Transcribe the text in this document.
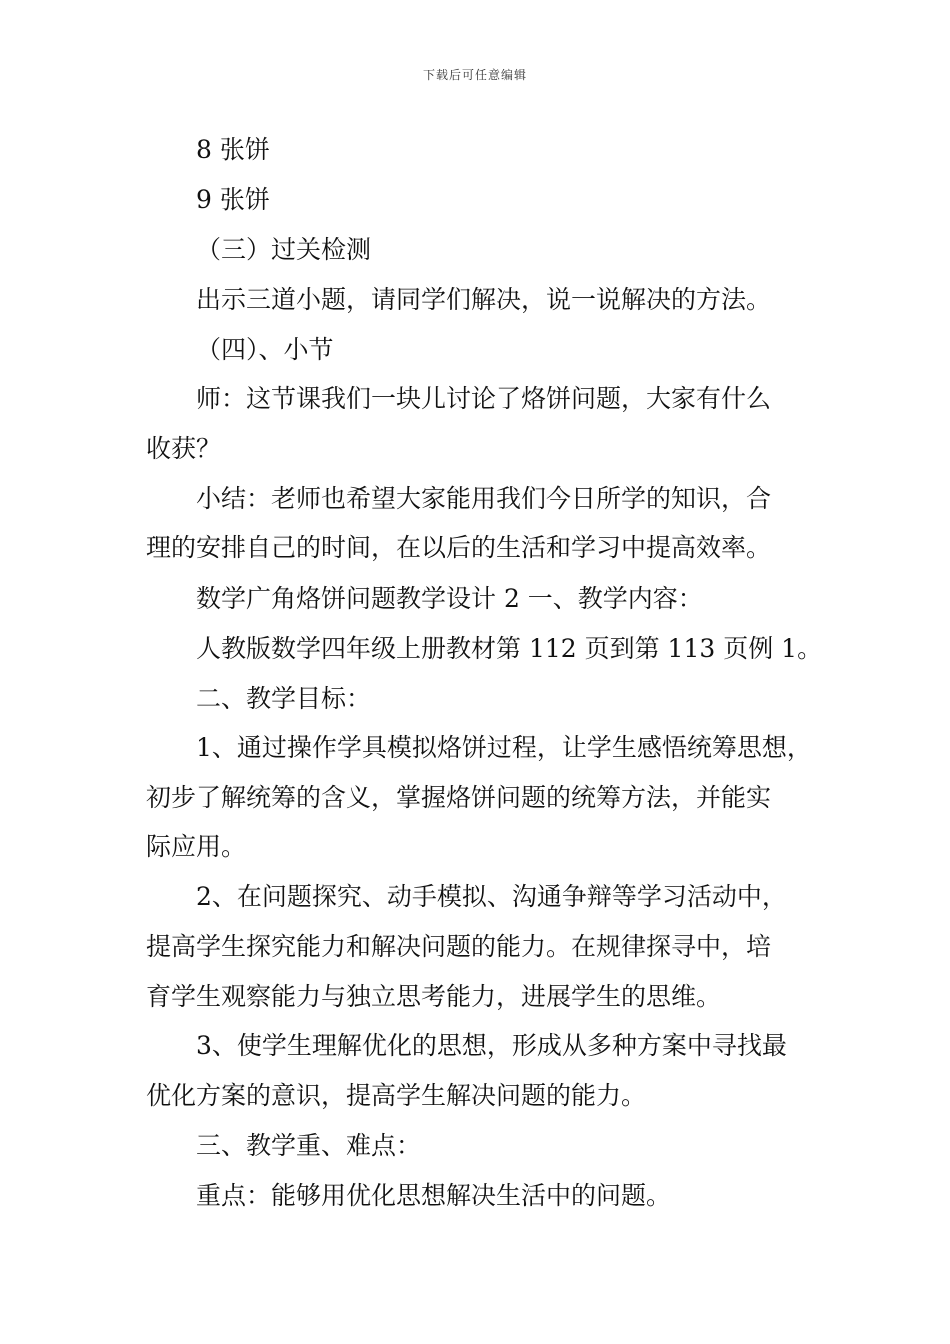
下载后可任意编辑
8 张饼
9 张饼
（三）过关检测
出示三道小题，请同学们解决，说一说解决的方法。
（四）、小节
师：这节课我们一块儿讨论了烙饼问题，大家有什么
收获？
小结：老师也希望大家能用我们今日所学的知识，合
理的安排自己的时间，在以后的生活和学习中提高效率。
数学广角烙饼问题教学设计 2 一、教学内容：
人教版数学四年级上册教材第 112 页到第 113 页例 1。
二、教学目标：
1、通过操作学具模拟烙饼过程，让学生感悟统筹思想，
初步了解统筹的含义，掌握烙饼问题的统筹方法，并能实
际应用。
2、在问题探究、动手模拟、沟通争辩等学习活动中，
提高学生探究能力和解决问题的能力。在规律探寻中，培
育学生观察能力与独立思考能力，进展学生的思维。
3、使学生理解优化的思想，形成从多种方案中寻找最
优化方案的意识，提高学生解决问题的能力。
三、教学重、难点：
重点：能够用优化思想解决生活中的问题。
